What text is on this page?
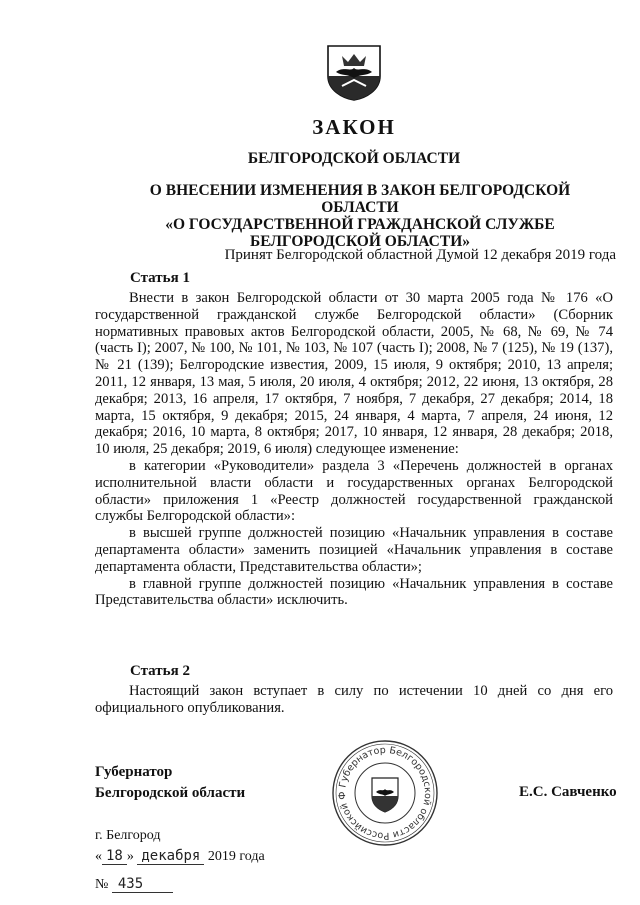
ЗАКОН
БЕЛГОРОДСКОЙ ОБЛАСТИ
О ВНЕСЕНИИ ИЗМЕНЕНИЯ В ЗАКОН БЕЛГОРОДСКОЙ ОБЛАСТИ
«О ГОСУДАРСТВЕННОЙ ГРАЖДАНСКОЙ СЛУЖБЕ
БЕЛГОРОДСКОЙ ОБЛАСТИ»
Принят Белгородской областной Думой 12 декабря 2019 года
Статья 1

Внести в закон Белгородской области от 30 марта 2005 года № 176 «О государственной гражданской службе Белгородской области» (Сборник нормативных правовых актов Белгородской области, 2005, № 68, № 69, № 74 (часть I); 2007, № 100, № 101, № 103, № 107 (часть I); 2008, № 7 (125), № 19 (137), № 21 (139); Белгородские известия, 2009, 15 июля, 9 октября; 2010, 13 апреля; 2011, 12 января, 13 мая, 5 июля, 20 июля, 4 октября; 2012, 22 июня, 13 октября, 28 декабря; 2013, 16 апреля, 17 октября, 7 ноября, 7 декабря, 27 декабря; 2014, 18 марта, 15 октября, 9 декабря; 2015, 24 января, 4 марта, 7 апреля, 24 июня, 12 декабря; 2016, 10 марта, 8 октября; 2017, 10 января, 12 января, 28 декабря; 2018, 10 июля, 25 декабря; 2019, 6 июля) следующее изменение:

в категории «Руководители» раздела 3 «Перечень должностей в органах исполнительной власти области и государственных органах Белгородской области» приложения 1 «Реестр должностей государственной гражданской службы Белгородской области»:

в высшей группе должностей позицию «Начальник управления в составе департамента области» заменить позицией «Начальник управления в составе департамента области, Представительства области»;

в главной группе должностей позицию «Начальник управления в составе Представительства области» исключить.

Статья 2

Настоящий закон вступает в силу по истечении 10 дней со дня его официального опубликования.

Губернатор
Белгородской области
Губернатор Белгородской области Российской Ф	Е.С. Савченко
г. Белгород
« 18 » декабря 2019 года
№ 435
